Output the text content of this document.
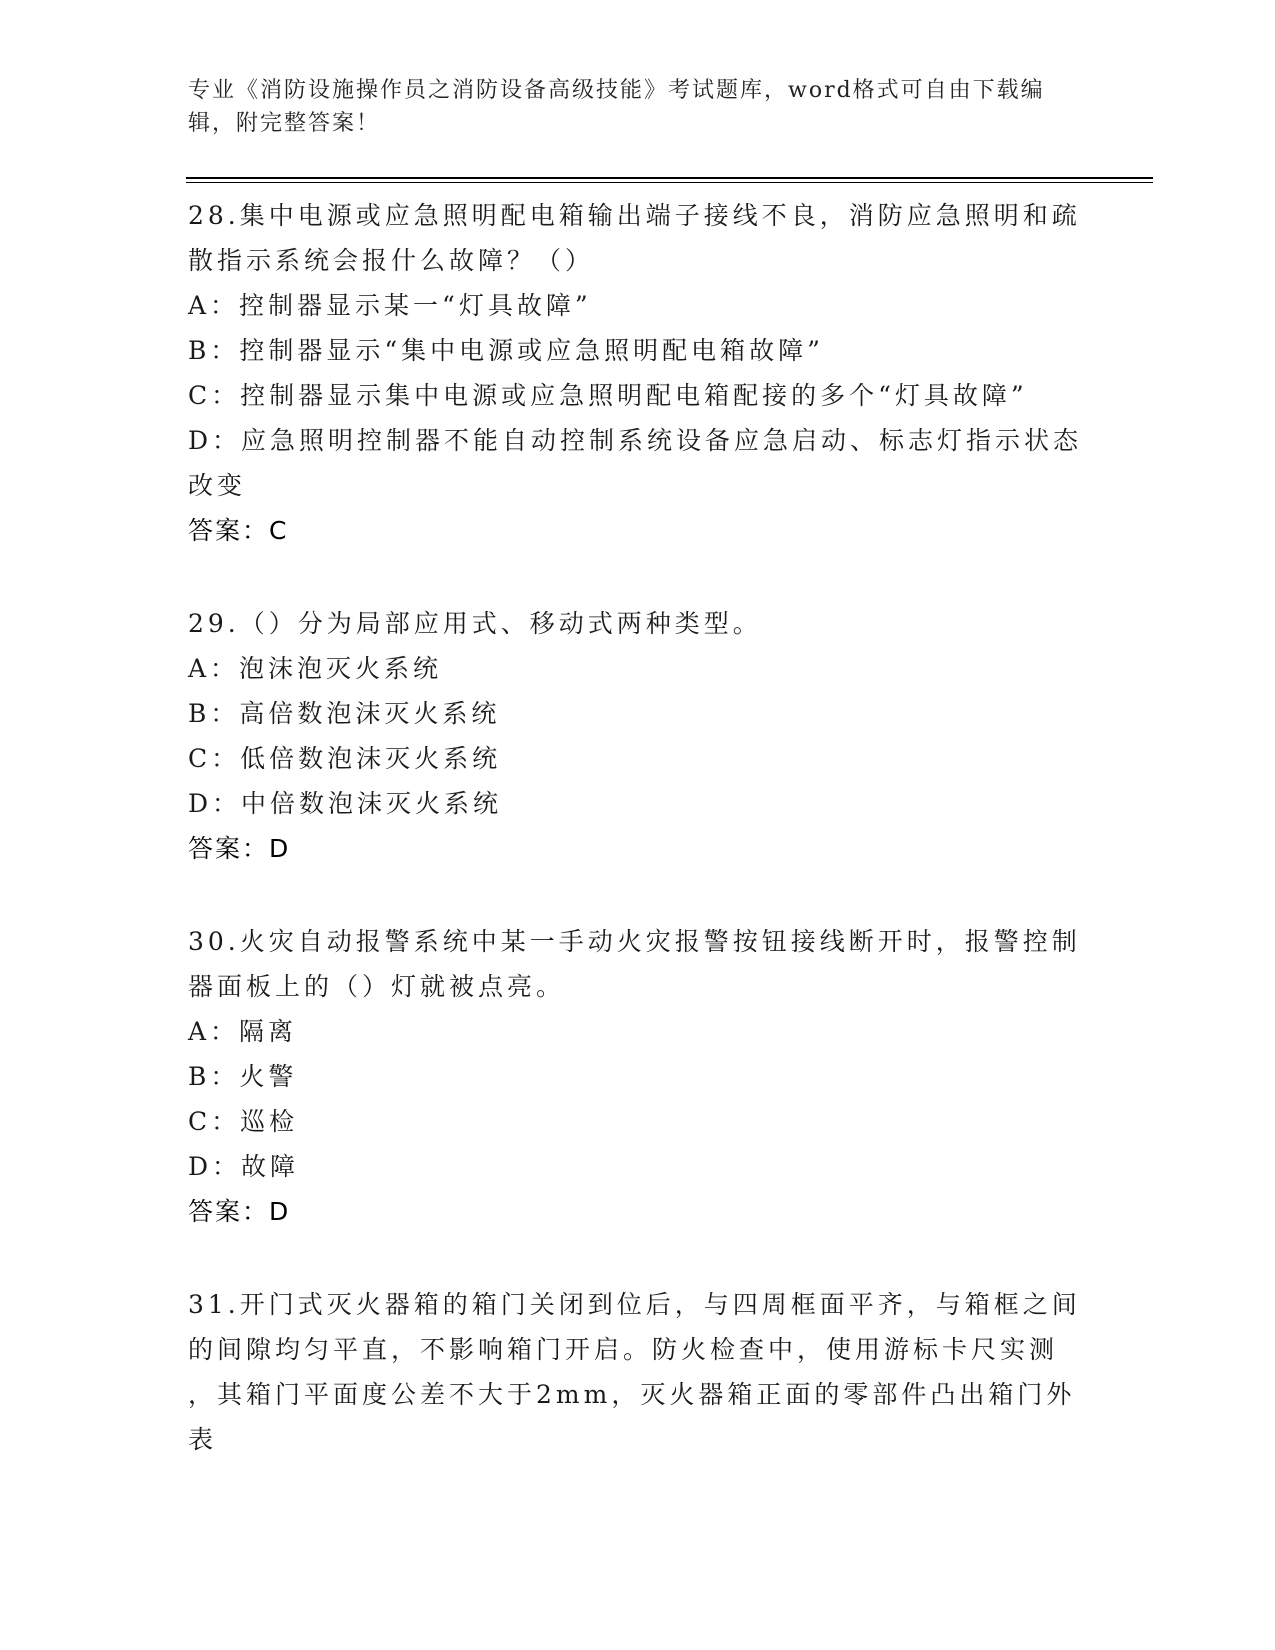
专业《消防设施操作员之消防设备高级技能》考试题库，word格式可自由下载编
辑，附完整答案！

28.集中电源或应急照明配电箱输出端子接线不良，消防应急照明和疏

散指示系统会报什么故障？（）

A：控制器显示某一“灯具故障”

B：控制器显示“集中电源或应急照明配电箱故障”

C：控制器显示集中电源或应急照明配电箱配接的多个“灯具故障”

D：应急照明控制器不能自动控制系统设备应急启动、标志灯指示状态

改变

答案：C

29.（）分为局部应用式、移动式两种类型。

A：泡沫泡灭火系统

B：高倍数泡沫灭火系统

C：低倍数泡沫灭火系统

D：中倍数泡沫灭火系统

答案：D

30.火灾自动报警系统中某一手动火灾报警按钮接线断开时，报警控制

器面板上的（）灯就被点亮。

A：隔离

B：火警

C：巡检

D：故障

答案：D

31.开门式灭火器箱的箱门关闭到位后，与四周框面平齐，与箱框之间

的间隙均匀平直，不影响箱门开启。防火检查中，使用游标卡尺实测

，其箱门平面度公差不大于2mm，灭火器箱正面的零部件凸出箱门外表
